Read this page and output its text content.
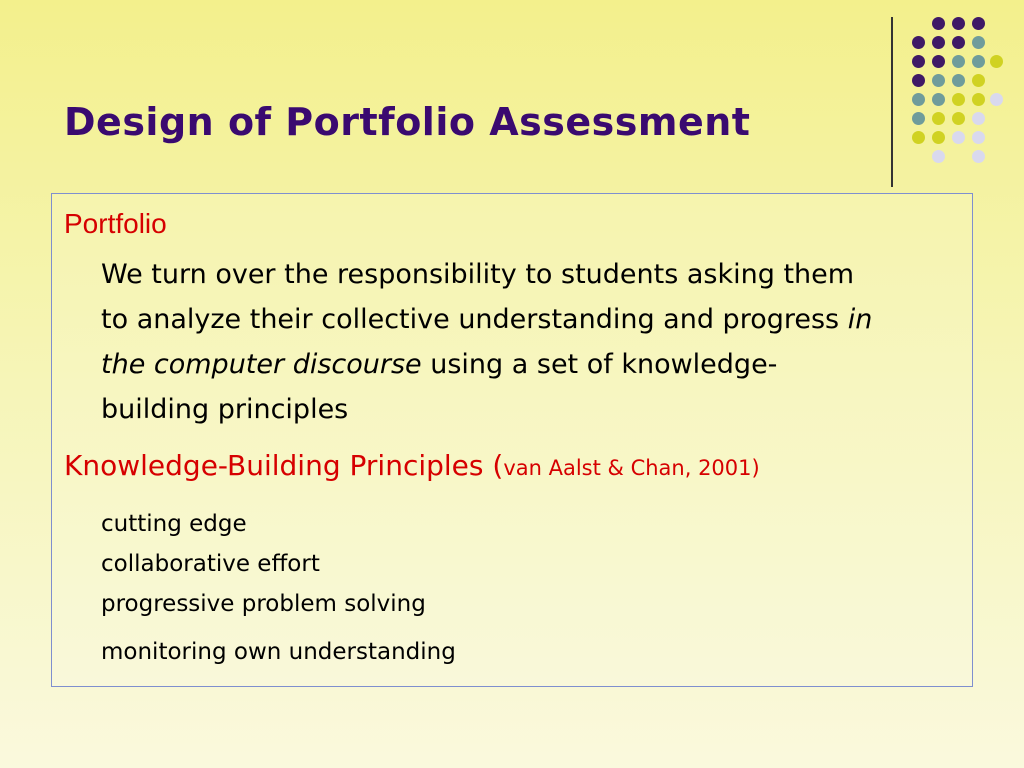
Design of Portfolio Assessment

Portfolio

We turn over the responsibility to students asking them to analyze their collective understanding and progress in the computer discourse using a set of knowledge-building principles

Knowledge-Building Principles (van Aalst & Chan, 2001)

cutting edge

collaborative effort

progressive problem solving

monitoring own understanding
